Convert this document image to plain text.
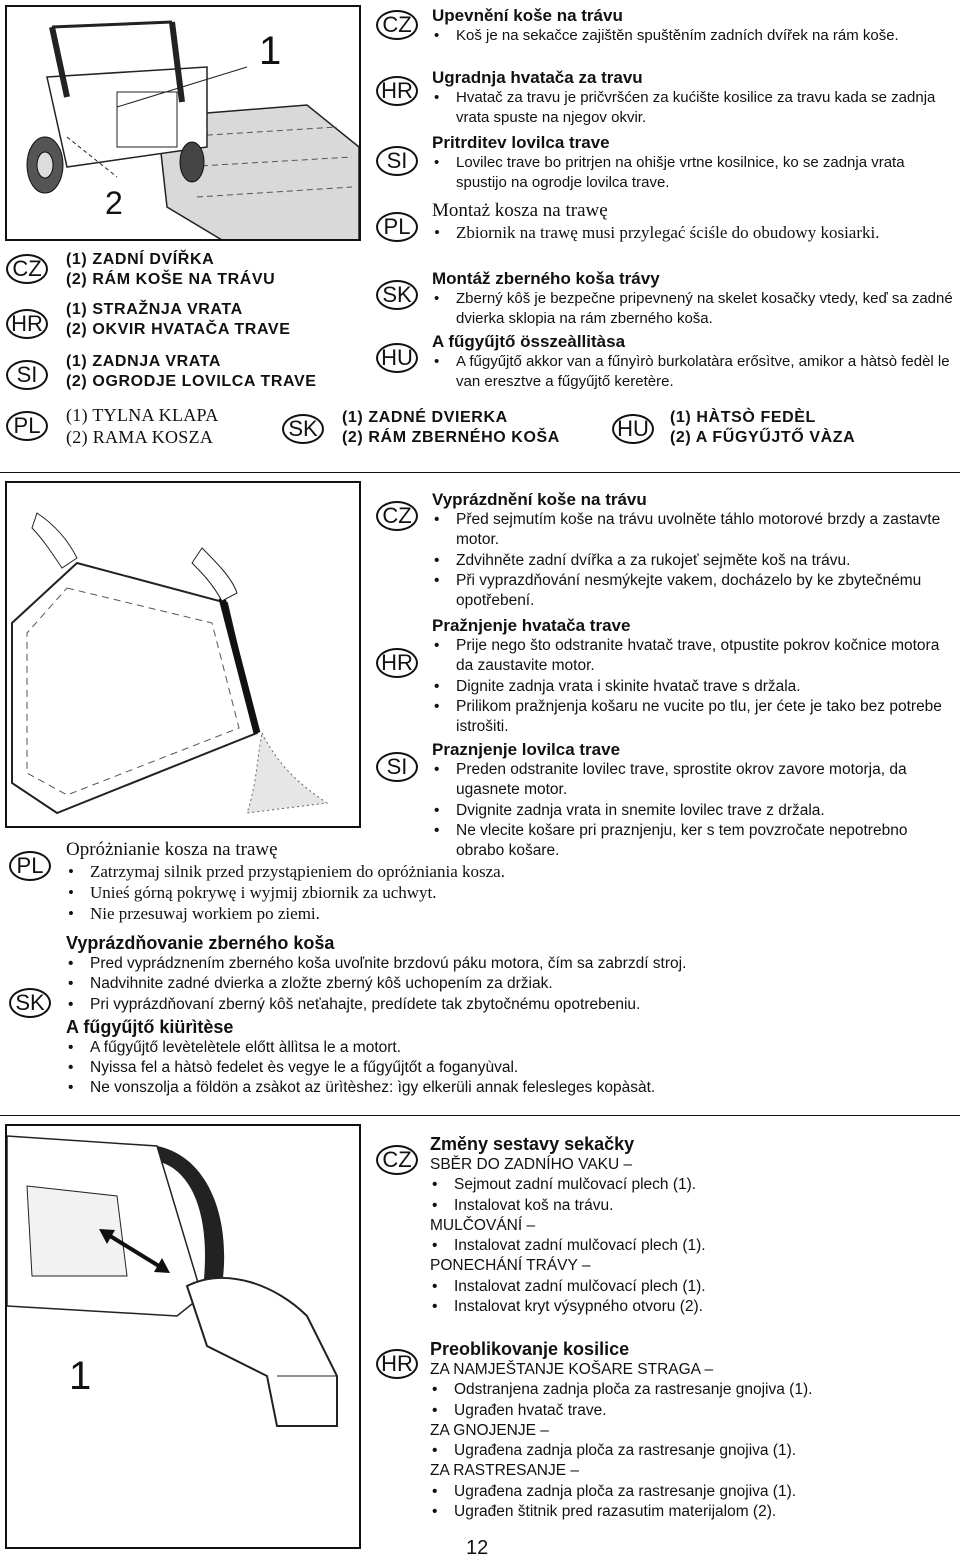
1
2
CZ	(1) ZADNÍ DVÍŘKA
(2) RÁM KOŠE NA TRÁVU
HR
(1) STRAŽNJA VRATA
(2) OKVIR HVATAČA TRAVE
SI
(1) ZADNJA VRATA
(2) OGRODJE LOVILCA TRAVE
PL	(1) TYLNA KLAPA
(2) RAMA KOSZA	SK	(1) ZADNÉ DVIERKA
(2) RÁM ZBERNÉHO KOŠA	HU	(1) HÀTSÒ FEDÈL
(2) A FŰGYŰJTŐ VÀZA
CZ	Upevnění koše na trávu
• Koš je na sekačce zajištěn spuštěním zadních dvířek na rám koše.
HR
Ugradnja hvatača za travu
• Hvatač za travu je pričvršćen za kućište kosilice za travu kada se zadnja vrata spuste na njegov okvir.
SI
Pritrditev lovilca trave
• Lovilec trave bo pritrjen na ohišje vrtne kosilnice, ko se zadnja vrata spustijo na ogrodje lovilca trave.
PL
Montaż kosza na trawę
• Zbiornik na trawę musi przylegać ściśle do obudowy kosiarki.
SK
Montáž zberného koša trávy
• Zberný kôš je bezpečne pripevnený na skelet kosačky vtedy, keď sa zadné dvierka sklopia na rám zberného koša.
HU
A fűgyűjtő összeàllitàsa
• A fűgyűjtő akkor van a fűnyìrò burkolatàra erősìtve, amikor a hàtsò fedèl le van eresztve a fűgyűjtő keretère.
CZ
Vyprázdnění koše na trávu
• Před sejmutím koše na trávu uvolněte táhlo motorové brzdy a zastavte motor.
• Zdvihněte zadní dvířka a za rukojeť sejměte koš na trávu.
• Při vyprazdňování nesmýkejte vakem, docházelo by ke zbytečnému opotřebení.
HR
Pražnjenje hvatača trave
• Prije nego što odstranite hvatač trave, otpustite pokrov kočnice motora da zaustavite motor.
• Dignite zadnja vrata i skinite hvatač trave s držala.
• Prilikom pražnjenja košaru ne vucite po tlu, jer ćete je tako bez potrebe istrošiti.
SI
Praznjenje lovilca trave
• Preden odstranite lovilec trave, sprostite okrov zavore motorja, da ugasnete motor.
• Dvignite zadnja vrata in snemite lovilec trave z držala.
• Ne vlecite košare pri praznjenju, ker s tem povzročate nepotrebno obrabo košare.
PL
Opróżnianie kosza na trawę
• Zatrzymaj silnik przed przystąpieniem do opróżniania kosza.
• Unieś górną pokrywę i wyjmij zbiornik za uchwyt.
• Nie przesuwaj workiem po ziemi.
SK
Vyprázdňovanie zberného koša
• Pred vyprádznením zberného koša uvoľnite brzdovú páku motora, čím sa zabrzdí stroj.
• Nadvihnite zadné dvierka a zložte zberný kôš uchopením za držiak.
• Pri vyprázdňovaní zberný kôš neťahajte, predídete tak zbytočnému opotrebeniu.
A fűgyűjtő kiürìtèse
• A fűgyűjtő levètelètele előtt àllìtsa le a motort.
• Nyissa fel a hàtsò fedelet ès vegye le a fűgyűjtőt a foganyùval.
• Ne vonszolja a földön a zsàkot az ürìtèshez: ìgy elkerüli annak felesleges kopàsàt.
1
CZ
Změny sestavy sekačky
SBĚR DO ZADNÍHO VAKU –
• Sejmout zadní mulčovací plech (1).
• Instalovat koš na trávu.
MULČOVÁNÍ –
• Instalovat zadní mulčovací plech (1).
PONECHÁNÍ TRÁVY –
• Instalovat zadní mulčovací plech (1).
• Instalovat kryt výsypného otvoru (2).
HR
Preoblikovanje kosilice
ZA NAMJEŠTANJE KOŠARE STRAGA –
• Odstranjena zadnja ploča za rastresanje gnojiva (1).
• Ugrađen hvatač trave.
ZA GNOJENJE –
• Ugrađena zadnja ploča za rastresanje gnojiva (1).
ZA RASTRESANJE –
• Ugrađena zadnja ploča za rastresanje gnojiva (1).
• Ugrađen štitnik pred razasutim materijalom (2).
12
